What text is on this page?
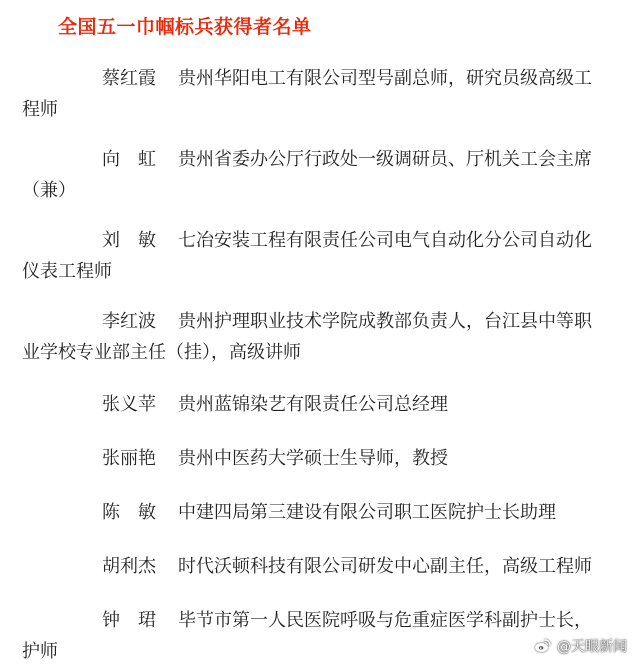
全国五一巾帼标兵获得者名单
蔡红霞 贵州华阳电工有限公司型号副总师，研究员级高级工程师
向　虹 贵州省委办公厅行政处一级调研员、厅机关工会主席（兼）
刘　敏 七冶安装工程有限责任公司电气自动化分公司自动化仪表工程师
李红波 贵州护理职业技术学院成教部负责人，台江县中等职业学校专业部主任（挂），高级讲师
张义苹 贵州蓝锦染艺有限责任公司总经理
张丽艳 贵州中医药大学硕士生导师，教授
陈　敏 中建四局第三建设有限公司职工医院护士长助理
胡利杰 时代沃顿科技有限公司研发中心副主任，高级工程师
钟　珺 毕节市第一人民医院呼吸与危重症医学科副护士长，护师	@天眼新闻
